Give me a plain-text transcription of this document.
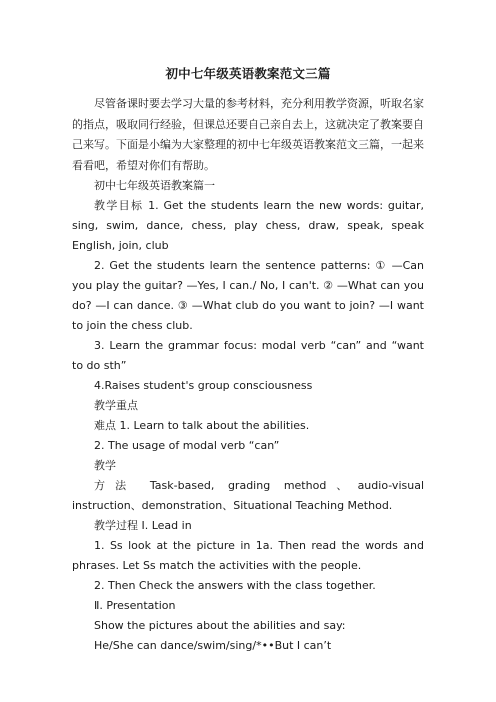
初中七年级英语教案范文三篇

尽管备课时要去学习大量的参考材料，充分利用教学资源，听取名家的指点，吸取同行经验，但课总还要自己亲自去上，这就决定了教案要自己来写。下面是小编为大家整理的初中七年级英语教案范文三篇，一起来看看吧，希望对你们有帮助。

初中七年级英语教案篇一

教学目标 1. Get the students learn the new words: guitar, sing, swim, dance, chess, play chess, draw, speak, speak English, join, club

2. Get the students learn the sentence patterns: ① —Can you play the guitar? —Yes, I can./ No, I can't. ② —What can you do? —I can dance. ③ —What club do you want to join? —I want to join the chess club.

3. Learn the grammar focus: modal verb “can” and “want to do sth”

4.Raises student's group consciousness

教学重点

难点 1. Learn to talk about the abilities.

2. The usage of modal verb “can”

教学

方法 Task-based, grading method、audio-visual instruction、demonstration、Situational Teaching Method.

教学过程 Ⅰ. Lead in

1. Ss look at the picture in 1a. Then read the words and phrases. Let Ss match the activities with the people.

2. Then Check the answers with the class together.

Ⅱ. Presentation

Show the pictures about the abilities and say:

He/She can dance/swim/sing/*••But I can’t
